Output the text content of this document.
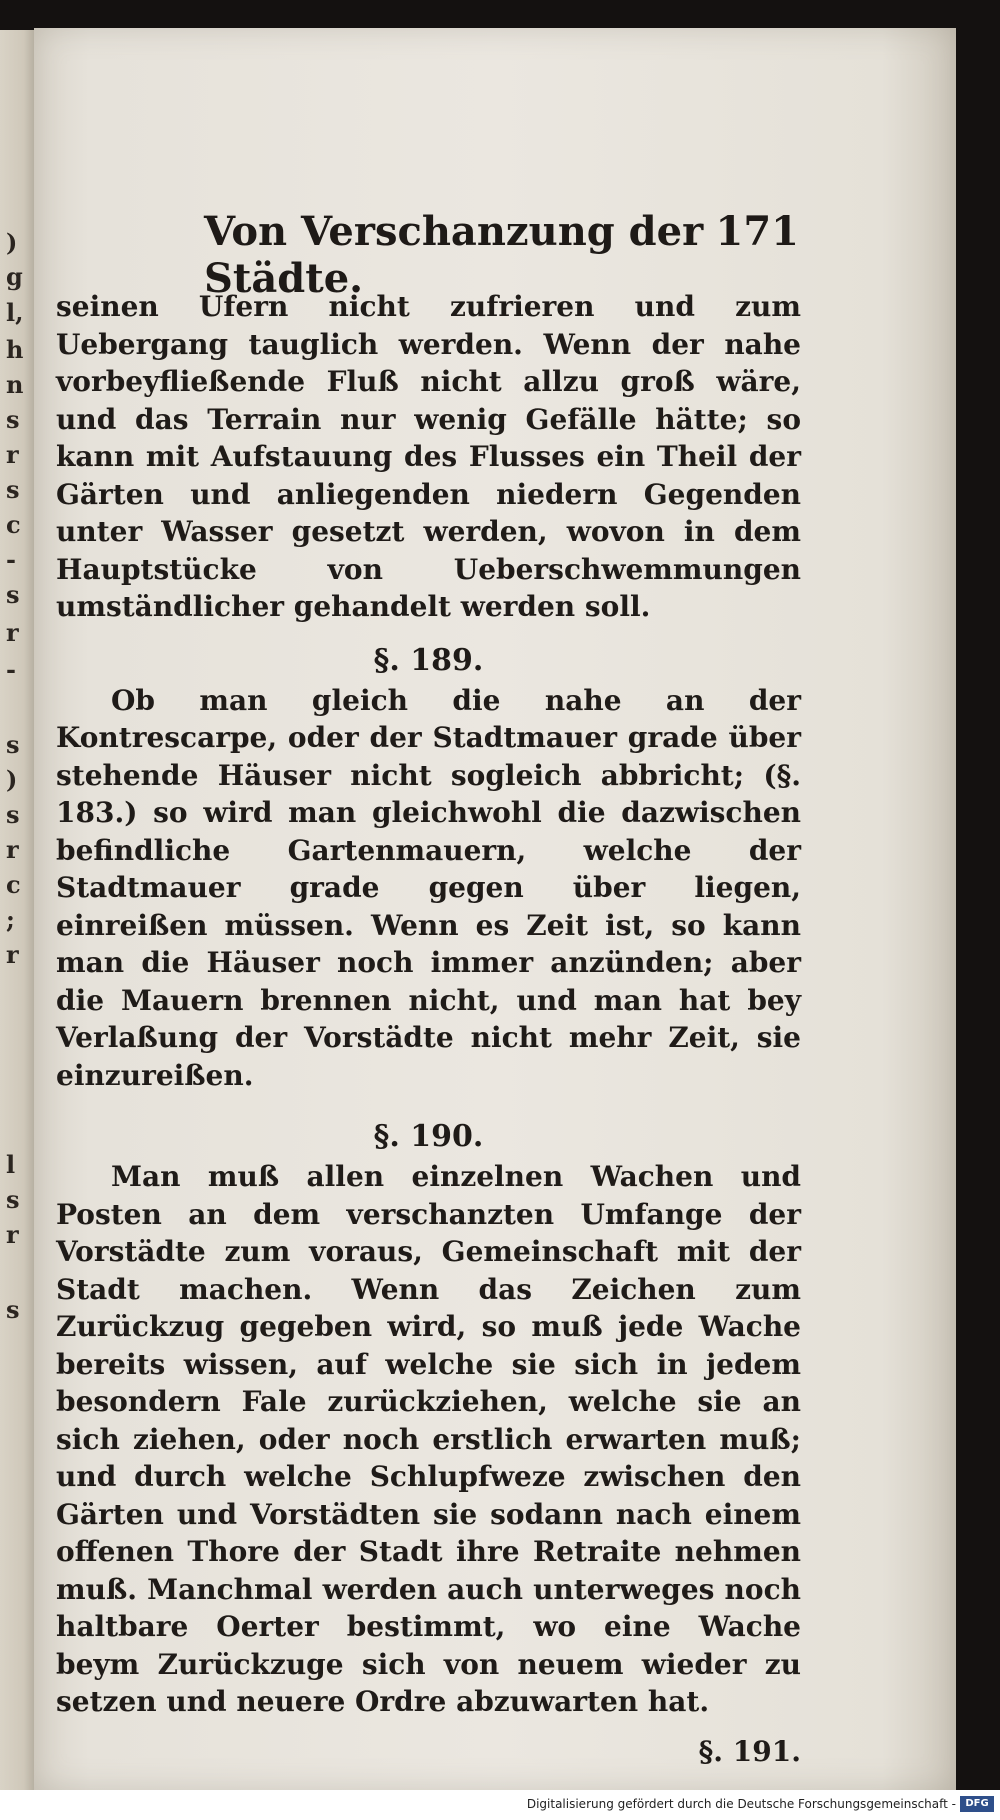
)
g
l,
h
n
s
r
s
c
-
s
r
-
s
)
s
r
c
;
r
l
s
r
s
Von Verschanzung der Städte.
171

seinen Ufern nicht zufrieren und zum Uebergang tauglich werden. Wenn der nahe vorbeyfließende Fluß nicht allzu groß wäre, und das Terrain nur wenig Gefälle hätte; so kann mit Aufstauung des Flusses ein Theil der Gärten und anliegenden niedern Gegenden unter Wasser gesetzt werden, wovon in dem Hauptstücke von Ueberschwemmungen umständlicher gehandelt werden soll.

§. 189.

Ob man gleich die nahe an der Kontrescarpe, oder der Stadtmauer grade über stehende Häuser nicht sogleich abbricht; (§. 183.) so wird man gleichwohl die dazwischen befindliche Gartenmauern, welche der Stadtmauer grade gegen über liegen, einreißen müssen. Wenn es Zeit ist, so kann man die Häuser noch immer anzünden; aber die Mauern brennen nicht, und man hat bey Verlaßung der Vorstädte nicht mehr Zeit, sie einzureißen.

§. 190.

Man muß allen einzelnen Wachen und Posten an dem verschanzten Umfange der Vorstädte zum voraus, Gemeinschaft mit der Stadt machen. Wenn das Zeichen zum Zurückzug gegeben wird, so muß jede Wache bereits wissen, auf welche sie sich in jedem besondern Fale zurückziehen, welche sie an sich ziehen, oder noch erstlich erwarten muß; und durch welche Schlupfweze zwischen den Gärten und Vorstädten sie sodann nach einem offenen Thore der Stadt ihre Retraite nehmen muß. Manchmal werden auch unterweges noch haltbare Oerter bestimmt, wo eine Wache beym Zurückzuge sich von neuem wieder zu setzen und neuere Ordre abzuwarten hat.

§. 191.
Digitalisierung gefördert durch die Deutsche Forschungsgemeinschaft - DFG
